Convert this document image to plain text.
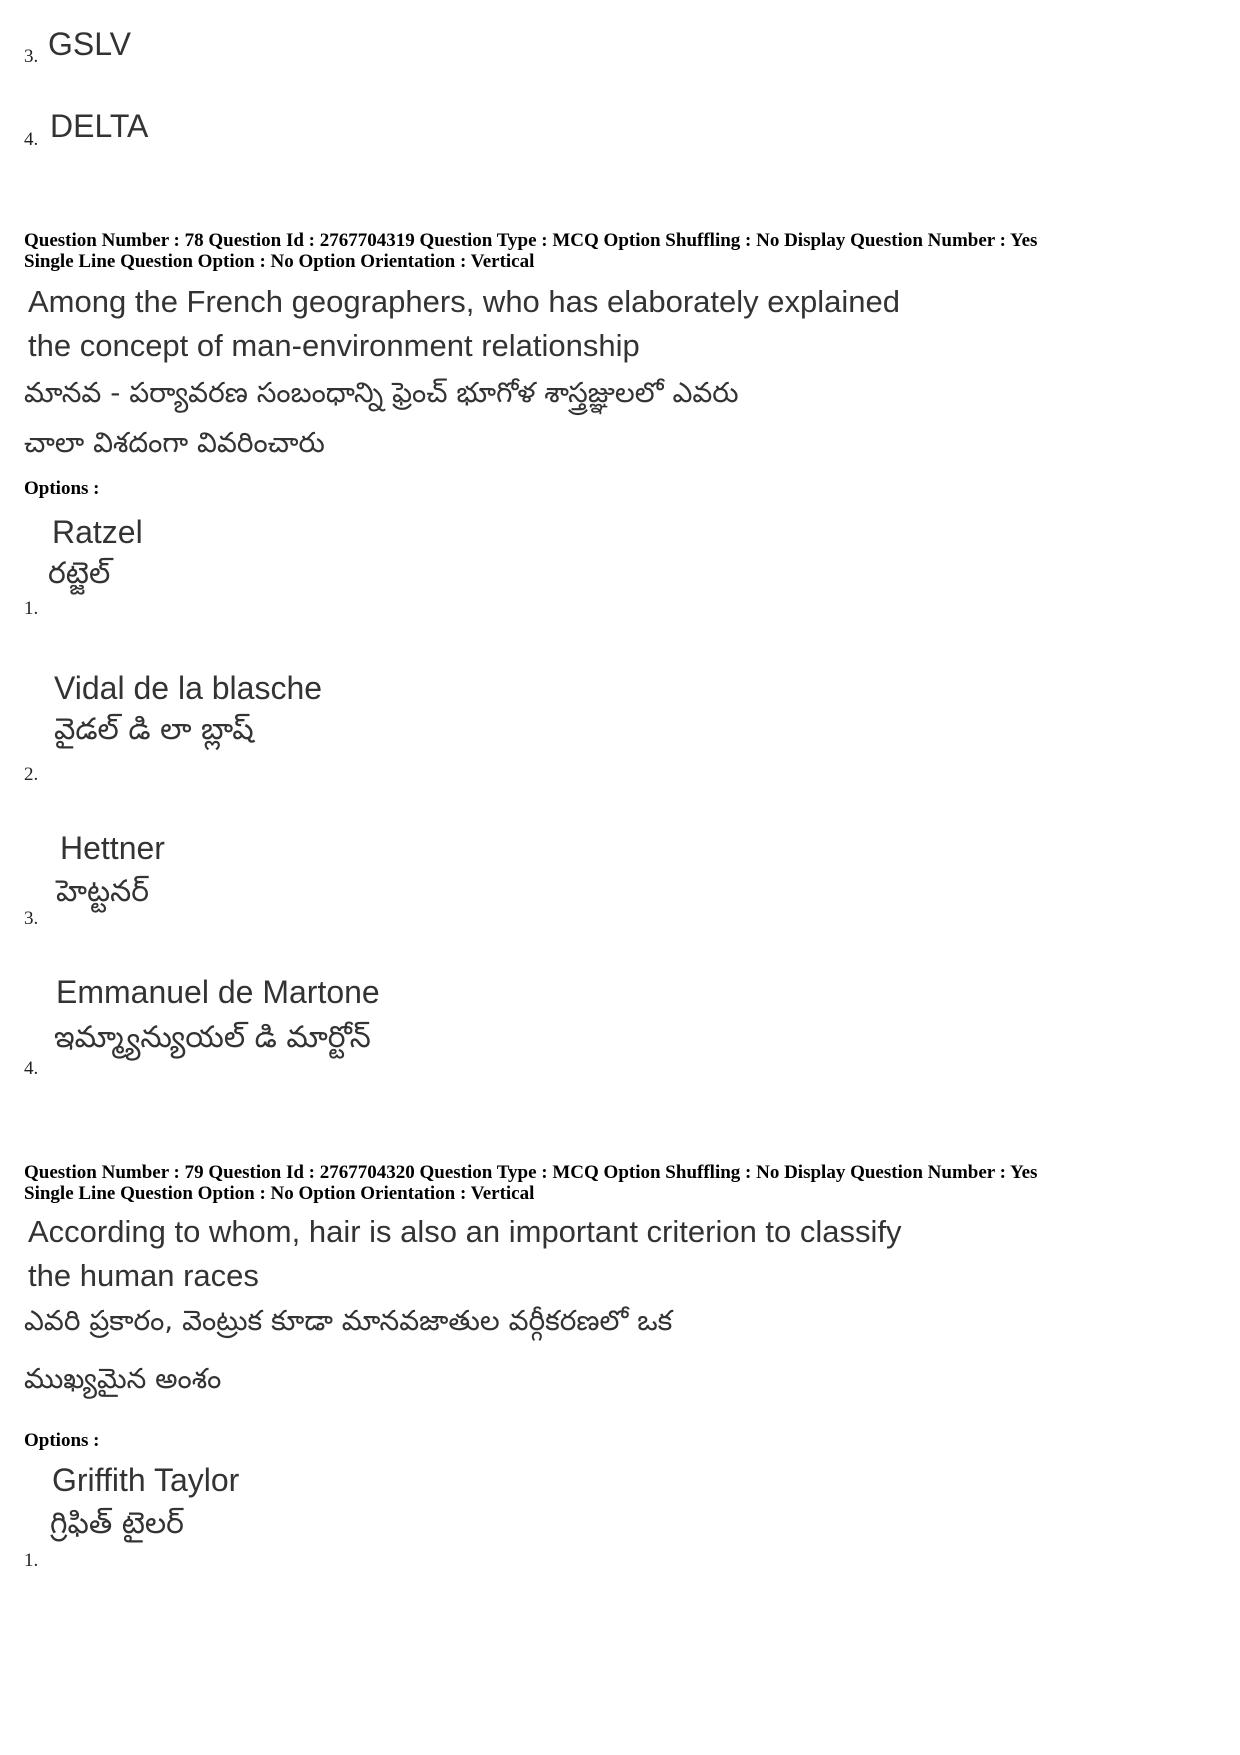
3. GSLV
4. DELTA
Question Number : 78 Question Id : 2767704319 Question Type : MCQ Option Shuffling : No Display Question Number : Yes
Single Line Question Option : No Option Orientation : Vertical
Among the French geographers, who has elaborately explained
the concept of man-environment relationship
మానవ - పర్యావరణ సంబంధాన్ని ఫ్రెంచ్ భూగోళ శాస్త్రజ్ఞులలో ఎవరు
చాలా విశదంగా వివరించారు
Options :
Ratzel
రట్జెల్
1.
Vidal de la blasche
వైడల్ డి లా బ్లాష్
2.
Hettner
హెట్టనర్
3.
Emmanuel de Martone
ఇమ్మ్యాన్యుయల్ డి మార్టోన్
4.
Question Number : 79 Question Id : 2767704320 Question Type : MCQ Option Shuffling : No Display Question Number : Yes
Single Line Question Option : No Option Orientation : Vertical
According to whom, hair is also an important criterion to classify
the human races
ఎవరి ప్రకారం, వెంట్రుక కూడా మానవజాతుల వర్గీకరణలో ఒక
ముఖ్యమైన అంశం
Options :
Griffith Taylor
గ్రిఫిత్ టైలర్
1.
